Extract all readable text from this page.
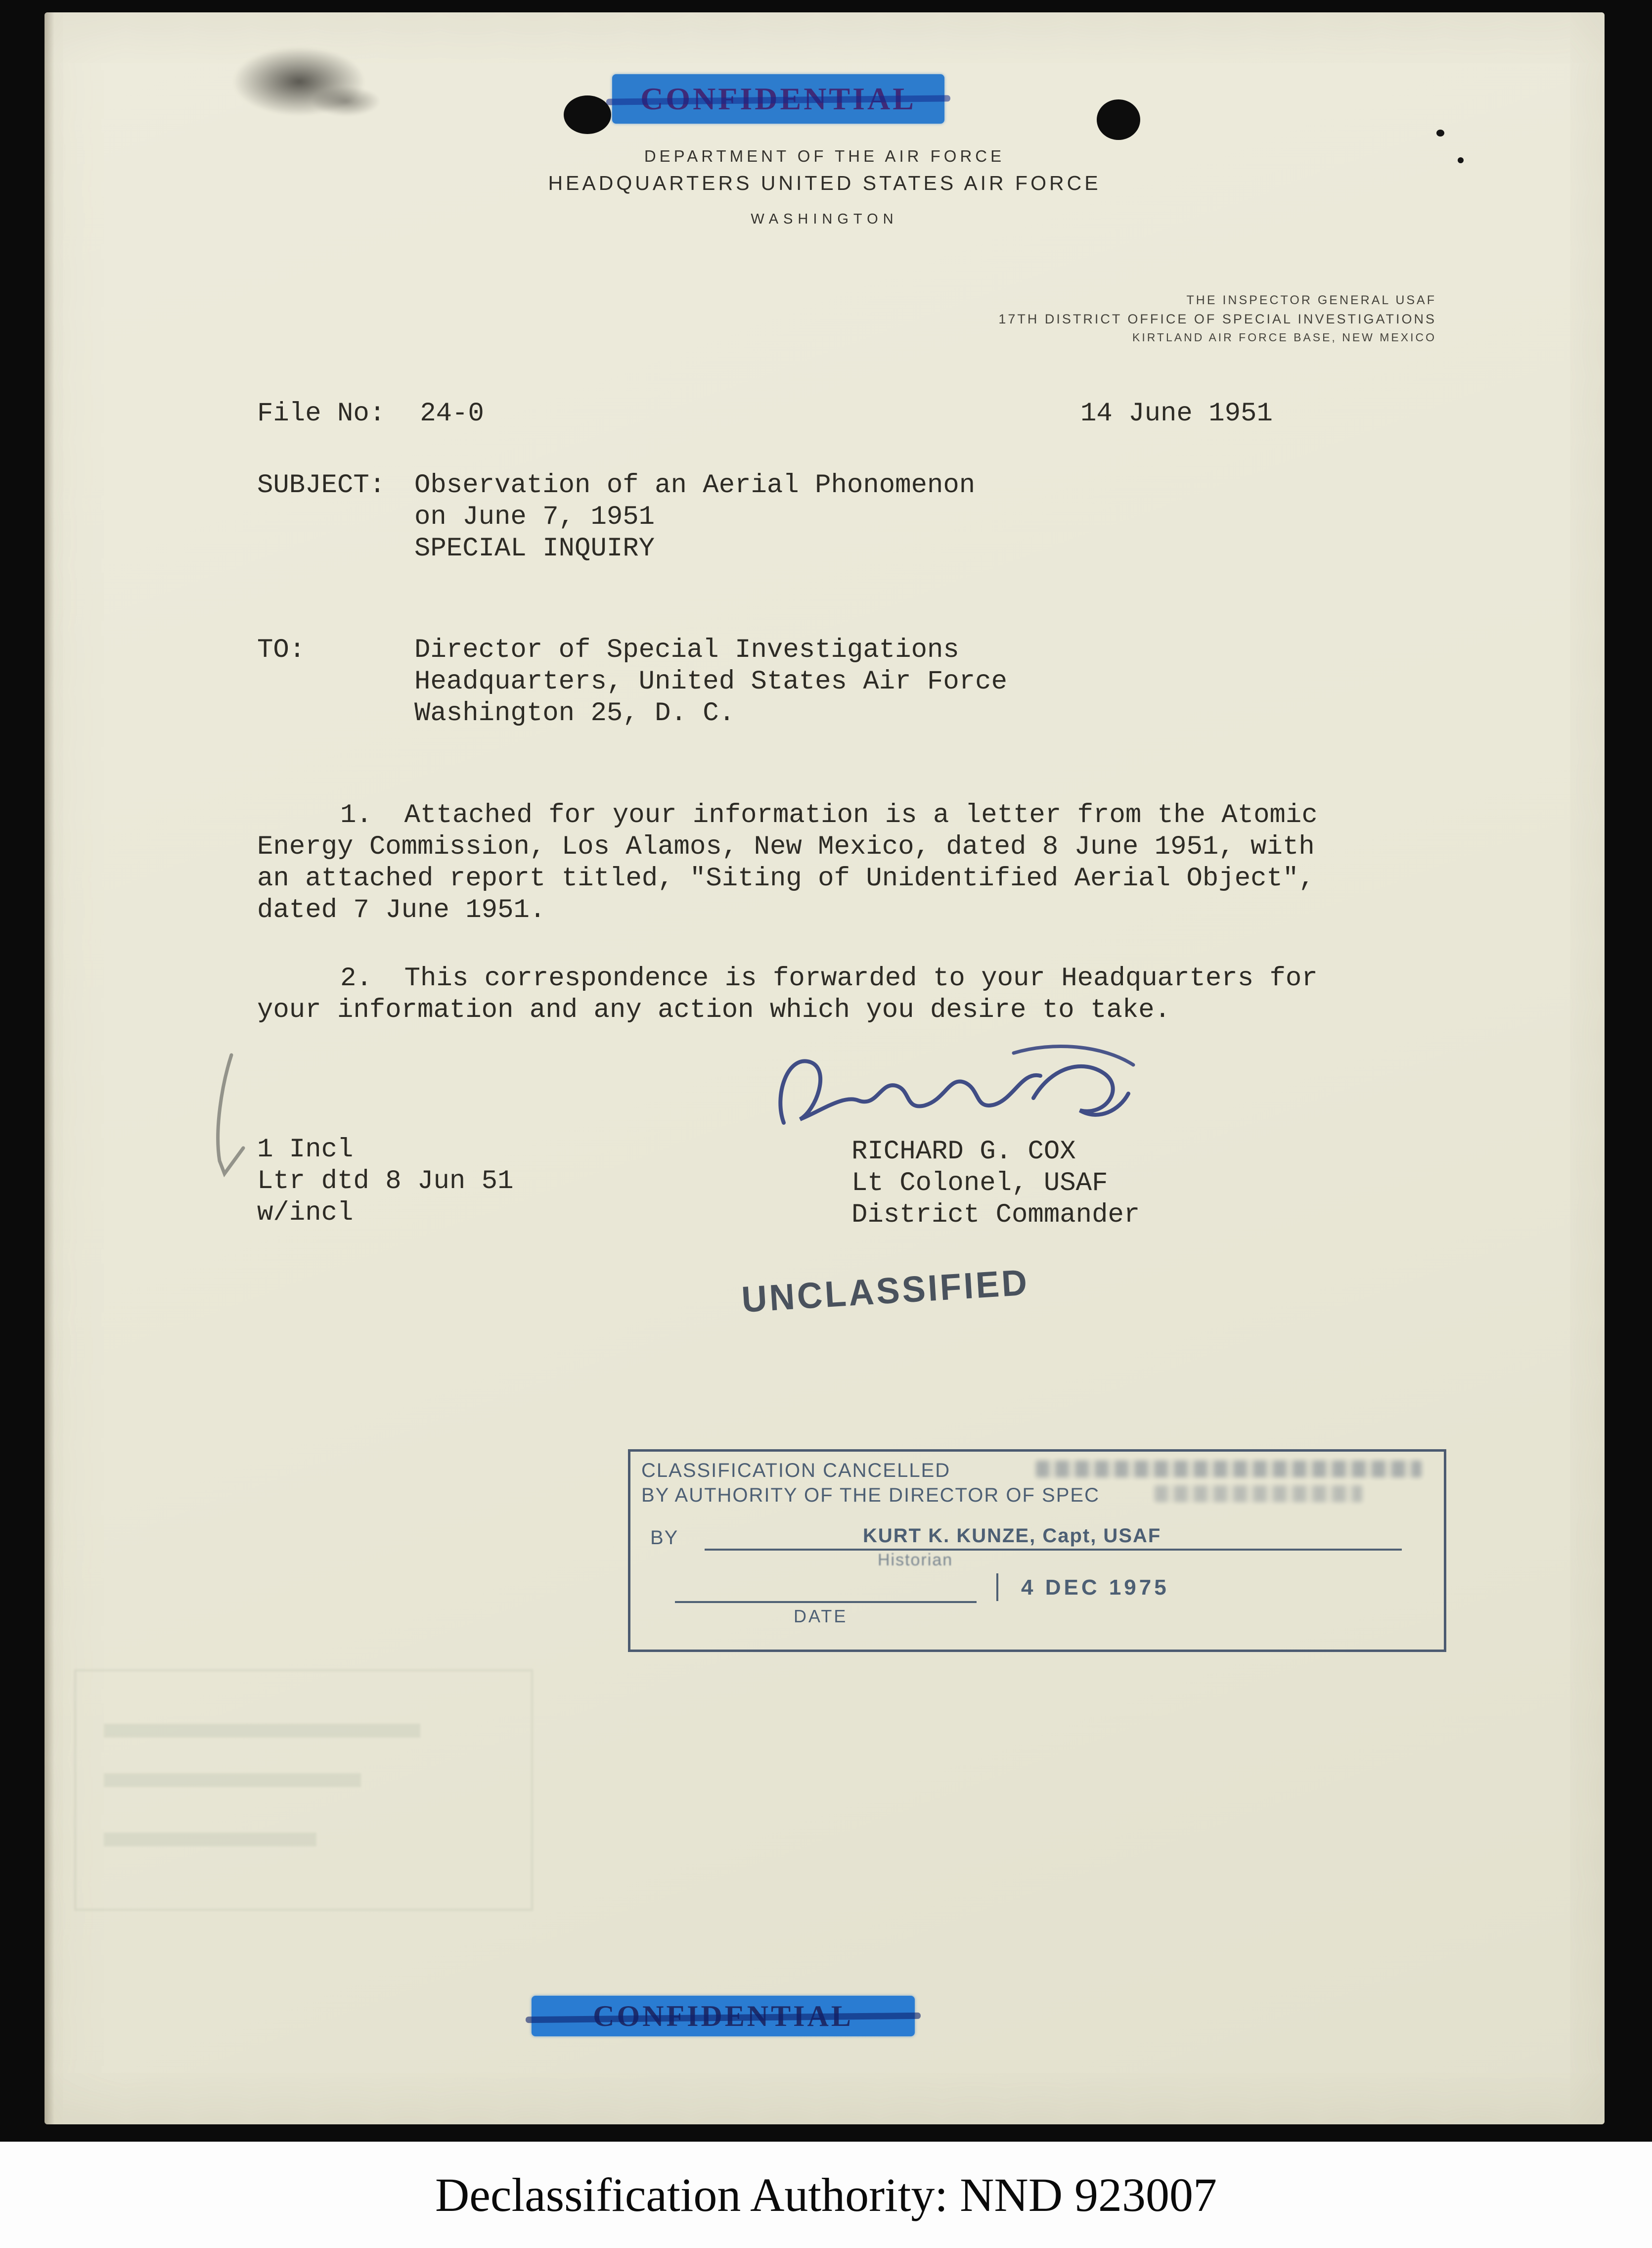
DEPARTMENT OF THE AIR FORCE
HEADQUARTERS UNITED STATES AIR FORCE
WASHINGTON
THE INSPECTOR GENERAL USAF
17TH DISTRICT OFFICE OF SPECIAL INVESTIGATIONS
KIRTLAND AIR FORCE BASE, NEW MEXICO
File No: 24-0	14 June 1951
SUBJECT: Observation of an Aerial Phonomenon
on June 7, 1951
SPECIAL INQUIRY
TO:	Director of Special Investigations
Headquarters, United States Air Force
Washington 25, D. C.
1.  Attached for your information is a letter from the Atomic Energy Commission, Los Alamos, New Mexico, dated 8 June 1951, with an attached report titled, "Siting of Unidentified Aerial Object", dated 7 June 1951.
2.  This correspondence is forwarded to your Headquarters for your information and any action which you desire to take.
1 Incl
Ltr dtd 8 Jun 51
w/incl
RICHARD G. COX
Lt Colonel, USAF
District Commander
UNCLASSIFIED
CLASSIFICATION CANCELLED
BY AUTHORITY OF THE DIRECTOR OF SPEC
BY	KURT K. KUNZE, Capt, USAF
Historian
4 DEC 1975
DATE
Declassification Authority: NND 923007
